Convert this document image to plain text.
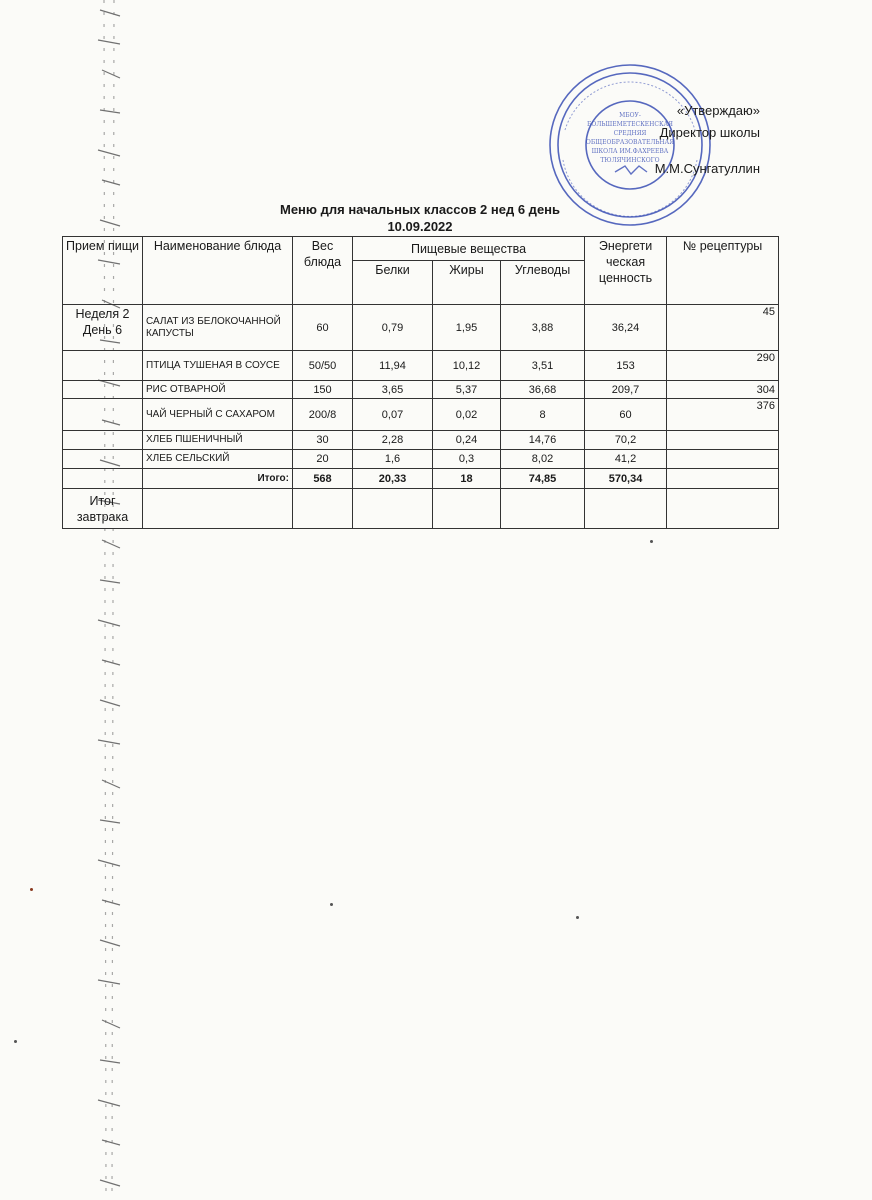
МБОУ-
БОЛЬШЕМЕТЕСКЕНСКАЯ
СРЕДНЯЯ
ОБЩЕОБРАЗОВАТЕЛЬНАЯ
ШКОЛА ИМ.ФАХРЕЕВА
ТЮЛЯЧИНСКОГО
«Утверждаю»
Директор школы
М.М.Сунгатуллин
Меню для начальных классов 2 нед 6 день
10.09.2022
Прием пищи	Наименование блюда	Вес блюда	Пищевые вещества			Энергети ческая ценность	№ рецептуры
			Белки	Жиры	Углеводы		
Неделя 2 День 6	САЛАТ ИЗ БЕЛОКОЧАННОЙ КАПУСТЫ	60	0,79	1,95	3,88	36,24	45
	ПТИЦА ТУШЕНАЯ В СОУСЕ	50/50	11,94	10,12	3,51	153	290
	РИС ОТВАРНОЙ	150	3,65	5,37	36,68	209,7	304
	ЧАЙ ЧЕРНЫЙ С САХАРОМ	200/8	0,07	0,02	8	60	376
	ХЛЕБ ПШЕНИЧНЫЙ	30	2,28	0,24	14,76	70,2	
	ХЛЕБ СЕЛЬСКИЙ	20	1,6	0,3	8,02	41,2	
	Итого:	568	20,33	18	74,85	570,34	
Итог завтрака							
